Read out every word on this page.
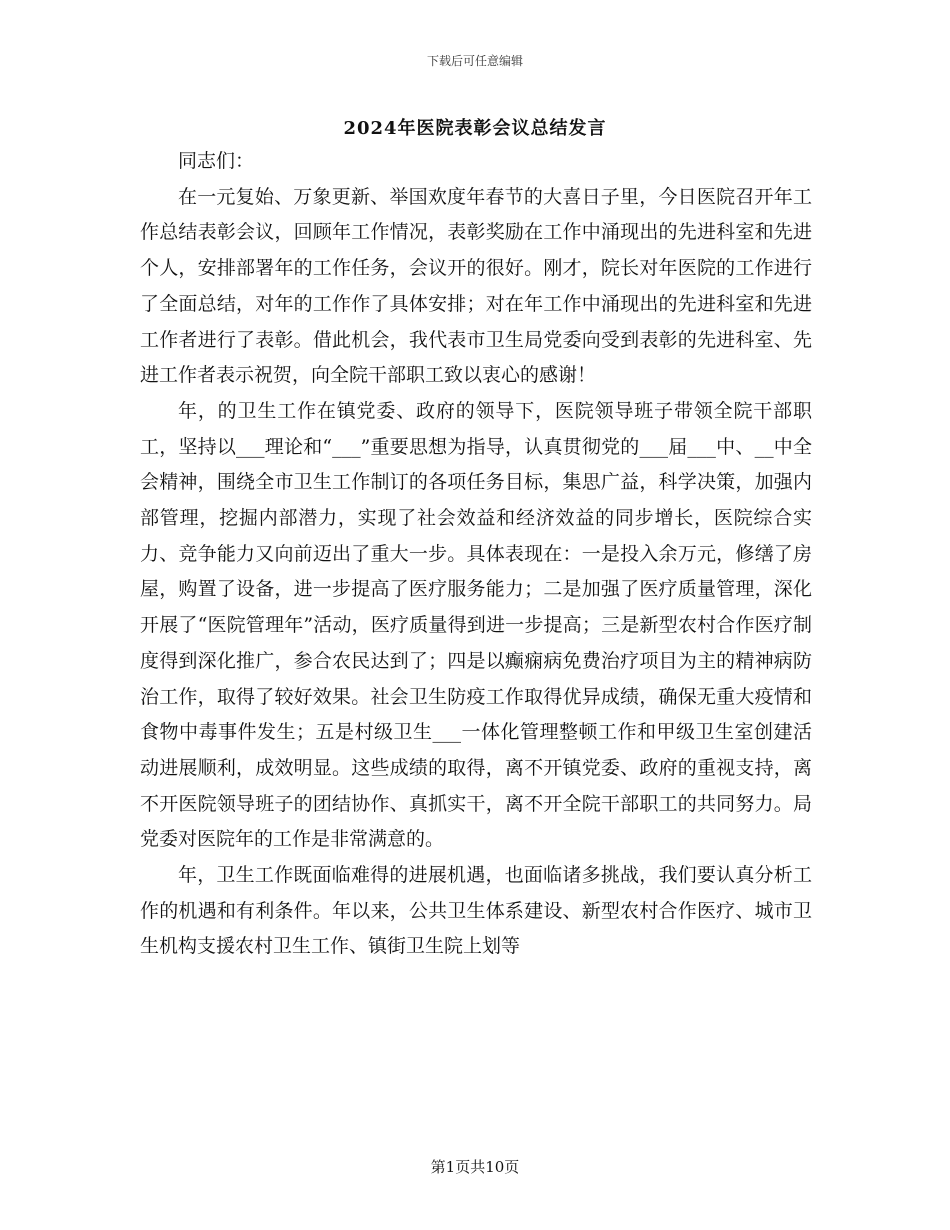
下载后可任意编辑
2024年医院表彰会议总结发言

同志们：

在一元复始、万象更新、举国欢度年春节的大喜日子里，今日医院召开年工作总结表彰会议，回顾年工作情况，表彰奖励在工作中涌现出的先进科室和先进个人，安排部署年的工作任务，会议开的很好。刚才，院长对年医院的工作进行了全面总结，对年的工作作了具体安排；对在年工作中涌现出的先进科室和先进工作者进行了表彰。借此机会，我代表市卫生局党委向受到表彰的先进科室、先进工作者表示祝贺，向全院干部职工致以衷心的感谢！

年，的卫生工作在镇党委、政府的领导下，医院领导班子带领全院干部职工，坚持以___理论和“___”重要思想为指导，认真贯彻党的___届___中、__中全会精神，围绕全市卫生工作制订的各项任务目标，集思广益，科学决策，加强内部管理，挖掘内部潜力，实现了社会效益和经济效益的同步增长，医院综合实力、竞争能力又向前迈出了重大一步。具体表现在：一是投入余万元，修缮了房屋，购置了设备，进一步提高了医疗服务能力；二是加强了医疗质量管理，深化开展了“医院管理年”活动，医疗质量得到进一步提高；三是新型农村合作医疗制度得到深化推广，参合农民达到了；四是以癫痫病免费治疗项目为主的精神病防治工作，取得了较好效果。社会卫生防疫工作取得优异成绩，确保无重大疫情和食物中毒事件发生；五是村级卫生___一体化管理整顿工作和甲级卫生室创建活动进展顺利，成效明显。这些成绩的取得，离不开镇党委、政府的重视支持，离不开医院领导班子的团结协作、真抓实干，离不开全院干部职工的共同努力。局党委对医院年的工作是非常满意的。

年，卫生工作既面临难得的进展机遇，也面临诸多挑战，我们要认真分析工作的机遇和有利条件。年以来，公共卫生体系建设、新型农村合作医疗、城市卫生机构支援农村卫生工作、镇街卫生院上划等

第1页共10页
